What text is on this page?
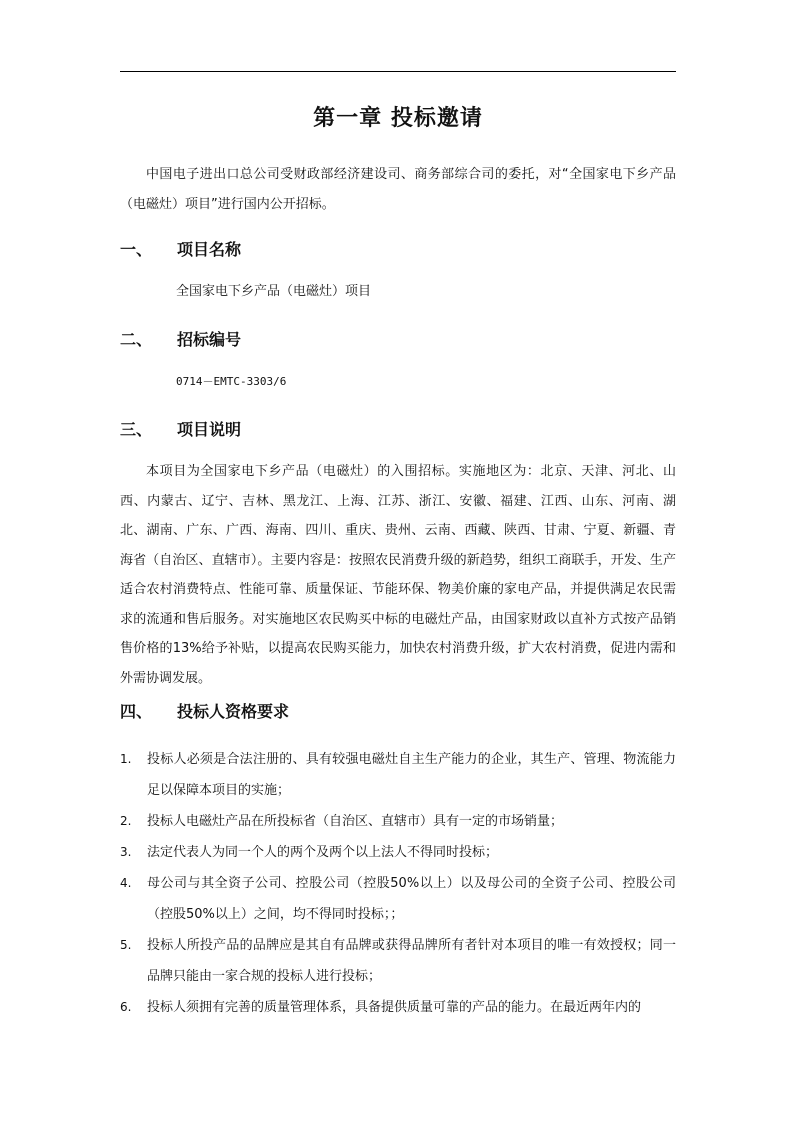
第一章 投标邀请
中国电子进出口总公司受财政部经济建设司、商务部综合司的委托，对“全国家电下乡产品（电磁灶）项目”进行国内公开招标。
一、 项目名称
全国家电下乡产品（电磁灶）项目
二、 招标编号
0714－EMTC-3303/6
三、 项目说明
本项目为全国家电下乡产品（电磁灶）的入围招标。实施地区为：北京、天津、河北、山西、内蒙古、辽宁、吉林、黑龙江、上海、江苏、浙江、安徽、福建、江西、山东、河南、湖北、湖南、广东、广西、海南、四川、重庆、贵州、云南、西藏、陕西、甘肃、宁夏、新疆、青海省（自治区、直辖市）。主要内容是：按照农民消费升级的新趋势，组织工商联手，开发、生产适合农村消费特点、性能可靠、质量保证、节能环保、物美价廉的家电产品，并提供满足农民需求的流通和售后服务。对实施地区农民购买中标的电磁灶产品，由国家财政以直补方式按产品销售价格的13%给予补贴，以提高农民购买能力，加快农村消费升级，扩大农村消费，促进内需和外需协调发展。
四、 投标人资格要求
1. 投标人必须是合法注册的、具有较强电磁灶自主生产能力的企业，其生产、管理、物流能力足以保障本项目的实施；
2. 投标人电磁灶产品在所投标省（自治区、直辖市）具有一定的市场销量；
3. 法定代表人为同一个人的两个及两个以上法人不得同时投标；
4. 母公司与其全资子公司、控股公司（控股50%以上）以及母公司的全资子公司、控股公司（控股50%以上）之间，均不得同时投标；；
5. 投标人所投产品的品牌应是其自有品牌或获得品牌所有者针对本项目的唯一有效授权；同一品牌只能由一家合规的投标人进行投标；
6. 投标人须拥有完善的质量管理体系，具备提供质量可靠的产品的能力。在最近两年内的
